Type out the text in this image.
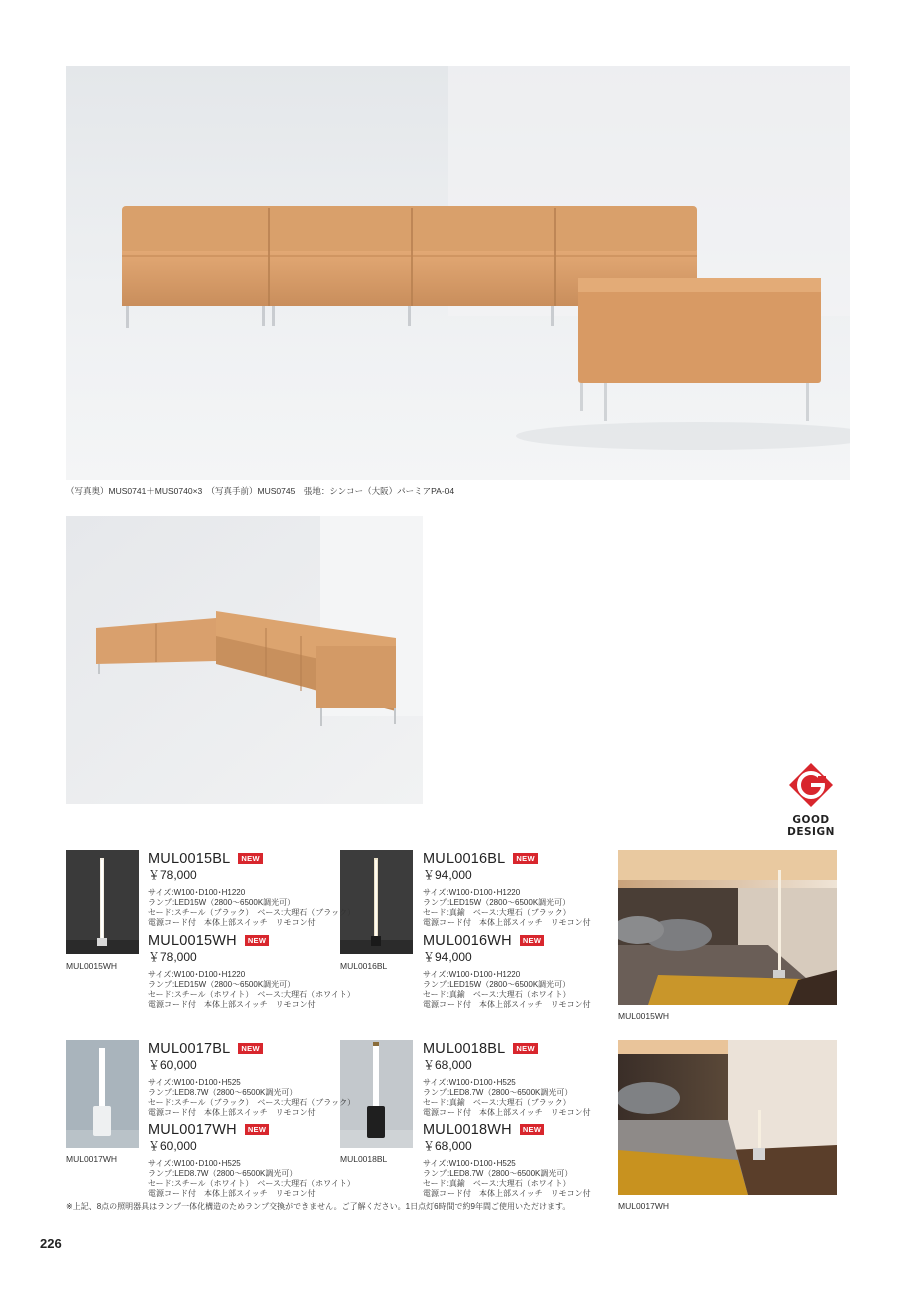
（写真奥）MUS0741＋MUS0740×3　（写真手前）MUS0745　張地：シンコー（大阪）パーミアPA-04
GOOD
DESIGN
MUL0015WH	MUL0016BL
MUL0017WH	MUL0018BL
MUL0015WH
MUL0017WH
MUL0015BL	NEW
￥78,000
サイズ:W100･D100･H1220
ランプ:LED15W（2800～6500K調光可）
セード:スチール（ブラック）　ベース:大理石（ブラック）
電源コード付　本体上部スイッチ　リモコン付
MUL0015WH	NEW
￥78,000
サイズ:W100･D100･H1220
ランプ:LED15W（2800～6500K調光可）
セード:スチール（ホワイト）　ベース:大理石（ホワイト）
電源コード付　本体上部スイッチ　リモコン付
MUL0016BL	NEW
￥94,000
サイズ:W100･D100･H1220
ランプ:LED15W（2800～6500K調光可）
セード:真鍮　ベース:大理石（ブラック）
電源コード付　本体上部スイッチ　リモコン付
MUL0016WH	NEW
￥94,000
サイズ:W100･D100･H1220
ランプ:LED15W（2800～6500K調光可）
セード:真鍮　ベース:大理石（ホワイト）
電源コード付　本体上部スイッチ　リモコン付
MUL0017BL	NEW
￥60,000
サイズ:W100･D100･H525
ランプ:LED8.7W（2800～6500K調光可）
セード:スチール（ブラック）　ベース:大理石（ブラック）
電源コード付　本体上部スイッチ　リモコン付
MUL0017WH	NEW
￥60,000
サイズ:W100･D100･H525
ランプ:LED8.7W（2800～6500K調光可）
セード:スチール（ホワイト）　ベース:大理石（ホワイト）
電源コード付　本体上部スイッチ　リモコン付
MUL0018BL	NEW
￥68,000
サイズ:W100･D100･H525
ランプ:LED8.7W（2800～6500K調光可）
セード:真鍮　ベース:大理石（ブラック）
電源コード付　本体上部スイッチ　リモコン付
MUL0018WH	NEW
￥68,000
サイズ:W100･D100･H525
ランプ:LED8.7W（2800～6500K調光可）
セード:真鍮　ベース:大理石（ホワイト）
電源コード付　本体上部スイッチ　リモコン付
※上記、8点の照明器具はランプ一体化構造のためランプ交換ができません。ご了解ください。1日点灯6時間で約9年間ご使用いただけます。
226
